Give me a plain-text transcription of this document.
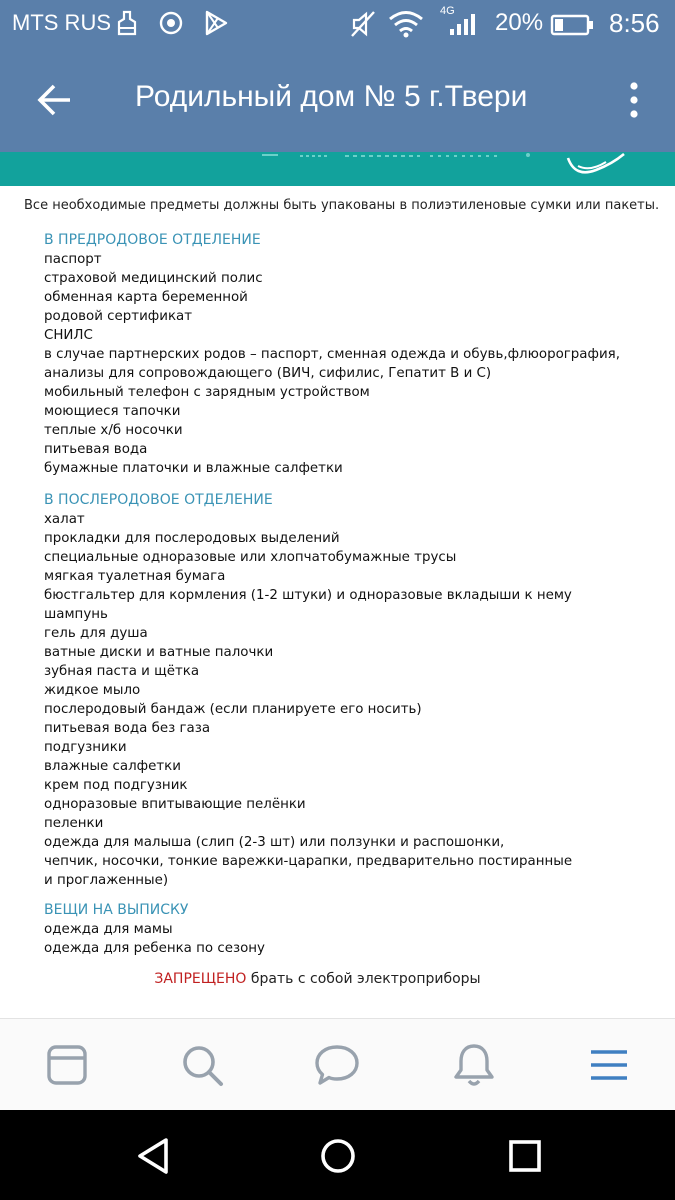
MTS RUS	4G 20%	8:56
Родильный дом № 5 г.Твери
Все необходимые предметы должны быть упакованы в полиэтиленовые сумки или пакеты.
В ПРЕДРОДОВОЕ ОТДЕЛЕНИЕ
паспорт
страховой медицинский полис
обменная карта беременной
родовой сертификат
СНИЛС
в случае партнерских родов – паспорт, сменная одежда и обувь,флюорография,
анализы для сопровождающего (ВИЧ, сифилис, Гепатит В и С)
мобильный телефон с зарядным устройством
моющиеся тапочки
теплые х/б носочки
питьевая вода
бумажные платочки и влажные салфетки
В ПОСЛЕРОДОВОЕ ОТДЕЛЕНИЕ
халат
прокладки для послеродовых выделений
специальные одноразовые или хлопчатобумажные трусы
мягкая туалетная бумага
бюстгальтер для кормления (1-2 штуки) и одноразовые вкладыши к нему
шампунь
гель для душа
ватные диски и ватные палочки
зубная паста и щётка
жидкое мыло
послеродовый бандаж (если планируете его носить)
питьевая вода без газа
подгузники
влажные салфетки
крем под подгузник
одноразовые впитывающие пелёнки
пеленки
одежда для малыша (слип (2-3 шт) или ползунки и распошонки,
чепчик, носочки, тонкие варежки-царапки, предварительно постиранные
и проглаженные)
ВЕЩИ НА ВЫПИСКУ
одежда для мамы
одежда для ребенка по сезону
ЗАПРЕЩЕНО брать с собой электроприборы
